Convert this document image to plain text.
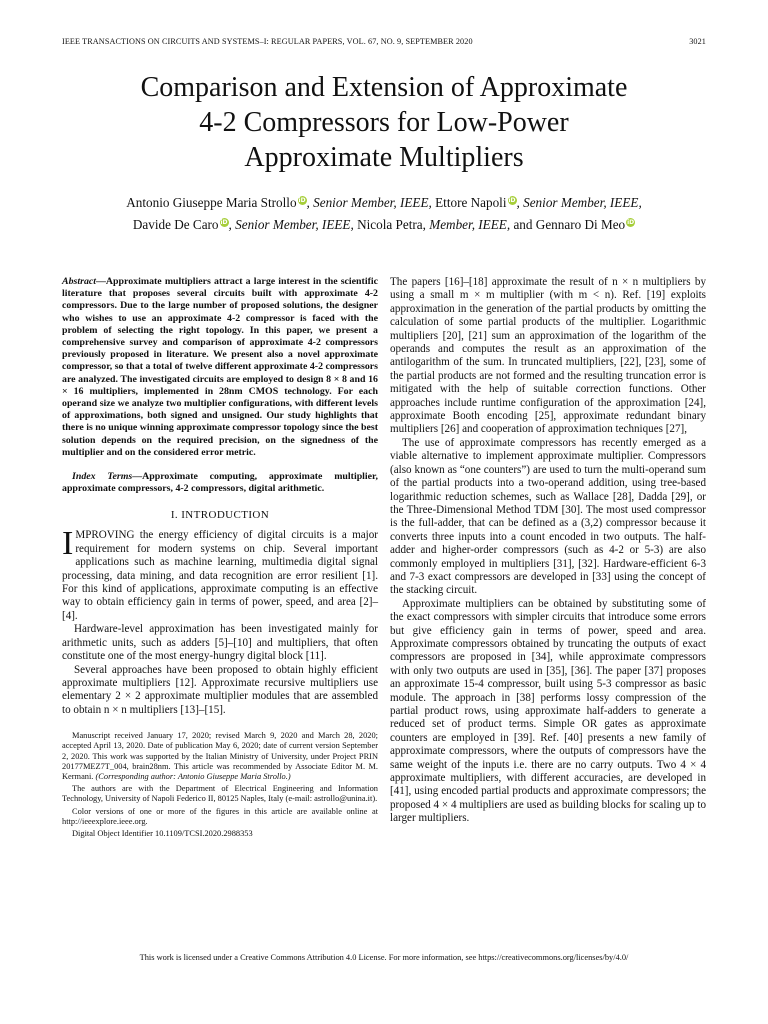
IEEE TRANSACTIONS ON CIRCUITS AND SYSTEMS–I: REGULAR PAPERS, VOL. 67, NO. 9, SEPTEMBER 2020	3021
Comparison and Extension of Approximate
4-2 Compressors for Low-Power
Approximate Multipliers
Antonio Giuseppe Maria Strollo iD, Senior Member, IEEE, Ettore Napoli iD, Senior Member, IEEE,
Davide De Caro iD, Senior Member, IEEE, Nicola Petra, Member, IEEE, and Gennaro Di Meo iD

Abstract—Approximate multipliers attract a large interest in the scientific literature that proposes several circuits built with approximate 4-2 compressors. Due to the large number of proposed solutions, the designer who wishes to use an approximate 4-2 compressor is faced with the problem of selecting the right topology. In this paper, we present a comprehensive survey and comparison of approximate 4-2 compressors previously proposed in literature. We present also a novel approximate compressor, so that a total of twelve different approximate 4-2 compressors are analyzed. The investigated circuits are employed to design 8 × 8 and 16 × 16 multipliers, implemented in 28nm CMOS technology. For each operand size we analyze two multiplier configurations, with different levels of approximations, both signed and unsigned. Our study highlights that there is no unique winning approximate compressor topology since the best solution depends on the required precision, on the signedness of the multiplier and on the considered error metric.

Index Terms—Approximate computing, approximate multiplier, approximate compressors, 4-2 compressors, digital arithmetic.

I. INTRODUCTION

IMPROVING the energy efficiency of digital circuits is a major requirement for modern systems on chip. Several important applications such as machine learning, multimedia digital signal processing, data mining, and data recognition are error resilient [1]. For this kind of applications, approximate computing is an effective way to obtain efficiency gain in terms of power, speed, and area [2]–[4].

Hardware-level approximation has been investigated mainly for arithmetic units, such as adders [5]–[10] and multipliers, that often constitute one of the most energy-hungry digital block [11].

Several approaches have been proposed to obtain highly efficient approximate multipliers [12]. Approximate recursive multipliers use elementary 2 × 2 approximate multiplier modules that are assembled to obtain n × n multipliers [13]–[15].

Manuscript received January 17, 2020; revised March 9, 2020 and March 28, 2020; accepted April 13, 2020. Date of publication May 6, 2020; date of current version September 2, 2020. This work was supported by the Italian Ministry of University, under Project PRIN 20177MEZ7T_004, brain28nm. This article was recommended by Associate Editor M. M. Kermani. (Corresponding author: Antonio Giuseppe Maria Strollo.)

The authors are with the Department of Electrical Engineering and Information Technology, University of Napoli Federico II, 80125 Naples, Italy (e-mail: astrollo@unina.it).

Color versions of one or more of the figures in this article are available online at http://ieeexplore.ieee.org.

Digital Object Identifier 10.1109/TCSI.2020.2988353

The papers [16]–[18] approximate the result of n × n multipliers by using a small m × m multiplier (with m < n). Ref. [19] exploits approximation in the generation of the partial products by omitting the calculation of some partial products of the multiplier. Logarithmic multipliers [20], [21] sum an approximation of the logarithm of the operands and computes the result as an approximation of the antilogarithm of the sum. In truncated multipliers, [22], [23], some of the partial products are not formed and the resulting truncation error is mitigated with the help of suitable correction functions. Other approaches include runtime configuration of the approximation [24], approximate Booth encoding [25], approximate redundant binary multipliers [26] and cooperation of approximation techniques [27],

The use of approximate compressors has recently emerged as a viable alternative to implement approximate multiplier. Compressors (also known as “one counters”) are used to turn the multi-operand sum of the partial products into a two-operand addition, using tree-based logarithmic reduction schemes, such as Wallace [28], Dadda [29], or the Three-Dimensional Method TDM [30]. The most used compressor is the full-adder, that can be defined as a (3,2) compressor because it converts three inputs into a count encoded in two outputs. The half-adder and higher-order compressors (such as 4-2 or 5-3) are also commonly employed in multipliers [31], [32]. Hardware-efficient 6-3 and 7-3 exact compressors are developed in [33] using the concept of the stacking circuit.

Approximate multipliers can be obtained by substituting some of the exact compressors with simpler circuits that introduce some errors but give efficiency gain in terms of power, speed and area. Approximate compressors obtained by truncating the outputs of exact compressors are proposed in [34], while approximate compressors with only two outputs are used in [35], [36]. The paper [37] proposes an approximate 15-4 compressor, built using 5-3 compressor as basic module. The approach in [38] performs lossy compression of the partial product rows, using approximate half-adders to generate a reduced set of product terms. Simple OR gates as approximate counters are employed in [39]. Ref. [40] presents a new family of approximate compressors, where the outputs of compressors have the same weight of the inputs i.e. there are no carry outputs. Two 4 × 4 approximate multipliers, with different accuracies, are developed in [41], using encoded partial products and approximate compressors; the proposed 4 × 4 multipliers are used as building blocks for scaling up to larger multipliers.

This work is licensed under a Creative Commons Attribution 4.0 License. For more information, see https://creativecommons.org/licenses/by/4.0/
